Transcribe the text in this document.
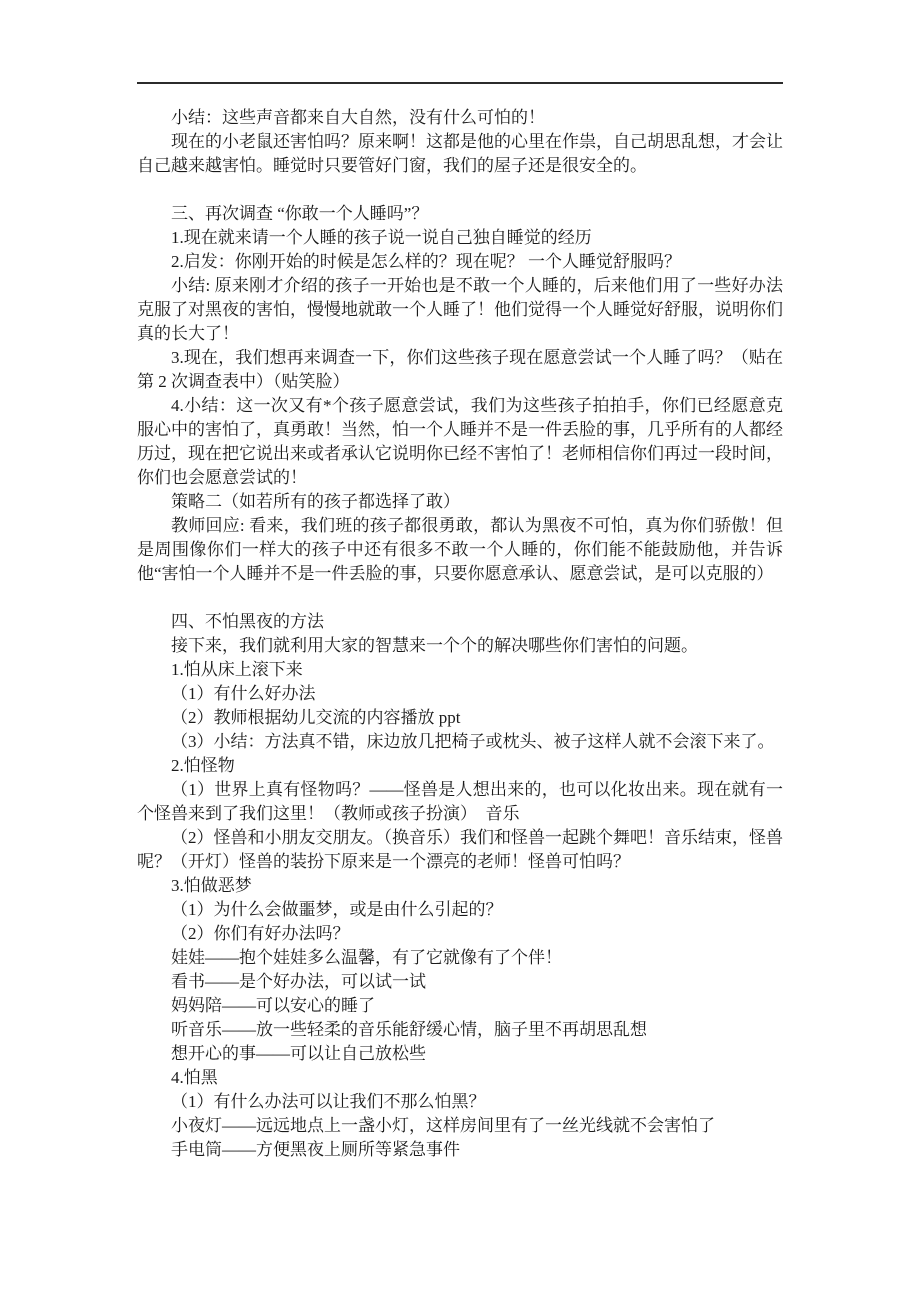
小结：这些声音都来自大自然，没有什么可怕的！

现在的小老鼠还害怕吗？原来啊！这都是他的心里在作祟，自己胡思乱想，才会让自己越来越害怕。睡觉时只要管好门窗，我们的屋子还是很安全的。

三、再次调查 “你敢一个人睡吗”？

1.现在就来请一个人睡的孩子说一说自己独自睡觉的经历

2.启发：你刚开始的时候是怎么样的？现在呢？ 一个人睡觉舒服吗？

小结: 原来刚才介绍的孩子一开始也是不敢一个人睡的，后来他们用了一些好办法克服了对黑夜的害怕，慢慢地就敢一个人睡了！他们觉得一个人睡觉好舒服，说明你们真的长大了！

3.现在，我们想再来调查一下，你们这些孩子现在愿意尝试一个人睡了吗？（贴在第 2 次调查表中）（贴笑脸）

4.小结：这一次又有*个孩子愿意尝试，我们为这些孩子拍拍手，你们已经愿意克服心中的害怕了，真勇敢！当然，怕一个人睡并不是一件丢脸的事，几乎所有的人都经历过，现在把它说出来或者承认它说明你已经不害怕了！老师相信你们再过一段时间，你们也会愿意尝试的！

策略二（如若所有的孩子都选择了敢）

教师回应: 看来，我们班的孩子都很勇敢，都认为黑夜不可怕，真为你们骄傲！但是周围像你们一样大的孩子中还有很多不敢一个人睡的，你们能不能鼓励他，并告诉他“害怕一个人睡并不是一件丢脸的事，只要你愿意承认、愿意尝试，是可以克服的）

四、不怕黑夜的方法

接下来，我们就利用大家的智慧来一个个的解决哪些你们害怕的问题。

1.怕从床上滚下来

（1）有什么好办法

（2）教师根据幼儿交流的内容播放 ppt

（3）小结：方法真不错，床边放几把椅子或枕头、被子这样人就不会滚下来了。

2.怕怪物

（1）世界上真有怪物吗？——怪兽是人想出来的，也可以化妆出来。现在就有一个怪兽来到了我们这里！（教师或孩子扮演）　音乐

（2）怪兽和小朋友交朋友。（换音乐）我们和怪兽一起跳个舞吧！音乐结束，怪兽呢？（开灯）怪兽的装扮下原来是一个漂亮的老师！怪兽可怕吗？

3.怕做恶梦

（1）为什么会做噩梦，或是由什么引起的？

（2）你们有好办法吗？

娃娃——抱个娃娃多么温馨，有了它就像有了个伴！

看书——是个好办法，可以试一试

妈妈陪——可以安心的睡了

听音乐——放一些轻柔的音乐能舒缓心情，脑子里不再胡思乱想

想开心的事——可以让自己放松些

4.怕黑

（1）有什么办法可以让我们不那么怕黑？

小夜灯——远远地点上一盏小灯，这样房间里有了一丝光线就不会害怕了

手电筒——方便黑夜上厕所等紧急事件
